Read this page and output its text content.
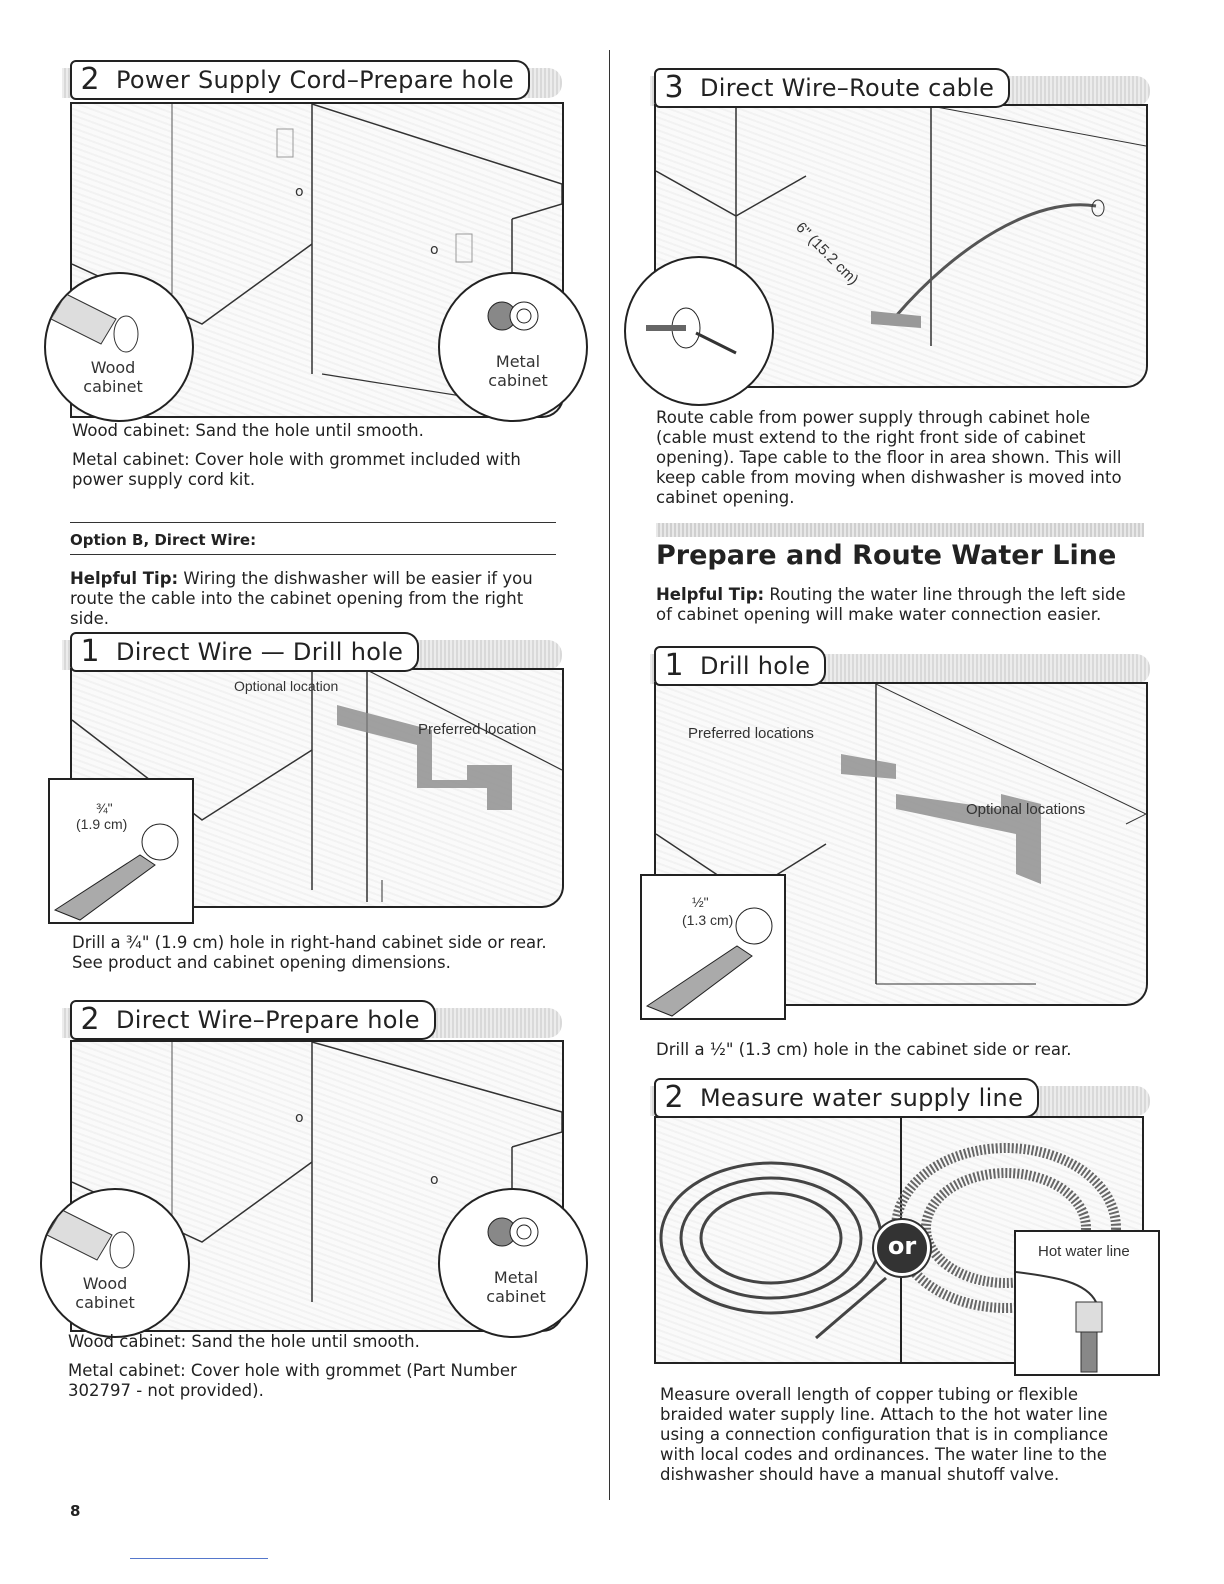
2 Power Supply Cord–Prepare hole
o
o
Wood
cabinet
Metal
cabinet

Wood cabinet: Sand the hole until smooth.

Metal cabinet: Cover hole with grommet included with power supply cord kit.

Option B, Direct Wire:
Helpful Tip: Wiring the dishwasher will be easier if you route the cable into the cabinet opening from the right side.
1 Direct Wire — Drill hole
Optional location
Preferred location
¾"
(1.9 cm)
Drill a ¾" (1.9 cm) hole in right-hand cabinet side or rear. See product and cabinet opening dimensions.
2 Direct Wire–Prepare hole
o
o
Wood
cabinet
Metal
cabinet

Wood cabinet: Sand the hole until smooth.

Metal cabinet: Cover hole with grommet (Part Number 302797 - not provided).

8
3 Direct Wire–Route cable
6" (15.2 cm)
Route cable from power supply through cabinet hole (cable must extend to the right front side of cabinet opening). Tape cable to the floor in area shown. This will keep cable from moving when dishwasher is moved into cabinet opening.
Prepare and Route Water Line
Helpful Tip: Routing the water line through the left side of cabinet opening will make water connection easier.
1 Drill hole
Preferred locations
Optional locations
½"
(1.3 cm)
Drill a ½" (1.3 cm) hole in the cabinet side or rear.
2 Measure water supply line
or	Hot water line
Measure overall length of copper tubing or flexible braided water supply line. Attach to the hot water line using a connection configuration that is in compliance with local codes and ordinances. The water line to the dishwasher should have a manual shutoff valve.
